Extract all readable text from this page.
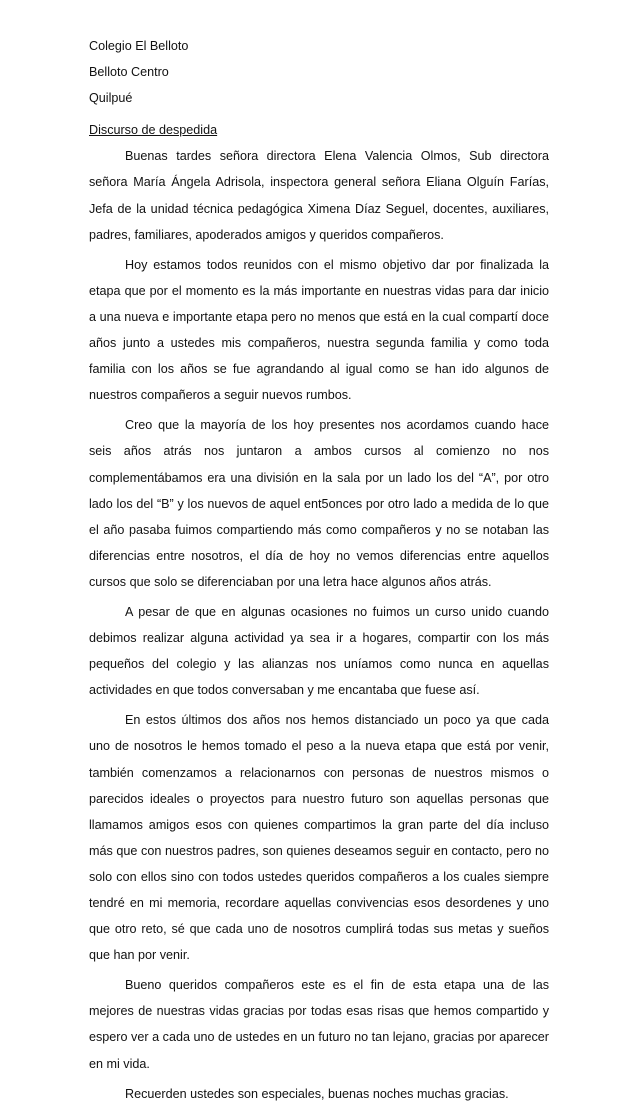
Colegio El Belloto
Belloto Centro
Quilpué
Discurso de despedida

Buenas tardes señora directora Elena Valencia Olmos, Sub directora señora María Ángela Adrisola, inspectora general señora Eliana Olguín Farías, Jefa de la unidad técnica pedagógica Ximena Díaz Seguel, docentes, auxiliares, padres, familiares, apoderados amigos y queridos compañeros.

Hoy estamos todos reunidos con el mismo objetivo dar por finalizada la etapa que por el momento es la más importante en nuestras vidas para dar inicio a una nueva e importante etapa pero no menos que está en la cual compartí doce años junto a ustedes mis compañeros, nuestra segunda familia y como toda familia con los años se fue agrandando al igual como se han ido algunos de nuestros compañeros a seguir nuevos rumbos.

Creo que la mayoría de los hoy presentes nos acordamos cuando hace seis años atrás nos juntaron a ambos cursos al comienzo no nos complementábamos era una división en la sala por un lado los del “A”, por otro lado los del “B” y los nuevos de aquel ent5onces por otro lado a medida de lo que el año pasaba fuimos compartiendo más como compañeros y no se notaban las diferencias entre nosotros, el día de hoy no vemos diferencias entre aquellos cursos que solo se diferenciaban por una letra hace algunos años atrás.

A pesar de que en algunas ocasiones no fuimos un curso unido cuando debimos realizar alguna actividad ya sea ir a hogares, compartir con los más pequeños del colegio y las alianzas nos uníamos como nunca en aquellas actividades en que todos conversaban y me encantaba que fuese así.

En estos últimos dos años nos hemos distanciado un poco ya que cada uno de nosotros le hemos tomado el peso a la nueva etapa que está por venir, también comenzamos a relacionarnos con personas de nuestros mismos o parecidos ideales o proyectos para nuestro futuro son aquellas personas que llamamos amigos esos con quienes compartimos la gran parte del día incluso más que con nuestros padres, son quienes deseamos seguir en contacto, pero no solo con ellos sino con todos ustedes queridos compañeros a los cuales siempre tendré en mi memoria, recordare aquellas convivencias esos desordenes y uno que otro reto, sé que cada uno de nosotros cumplirá todas sus metas y sueños que han por venir.

Bueno queridos compañeros este es el fin de esta etapa una de las mejores de nuestras vidas gracias por todas esas risas que hemos compartido y espero ver a cada uno de ustedes en un futuro no tan lejano, gracias por aparecer en mi vida.

Recuerden ustedes son especiales, buenas noches muchas gracias.
